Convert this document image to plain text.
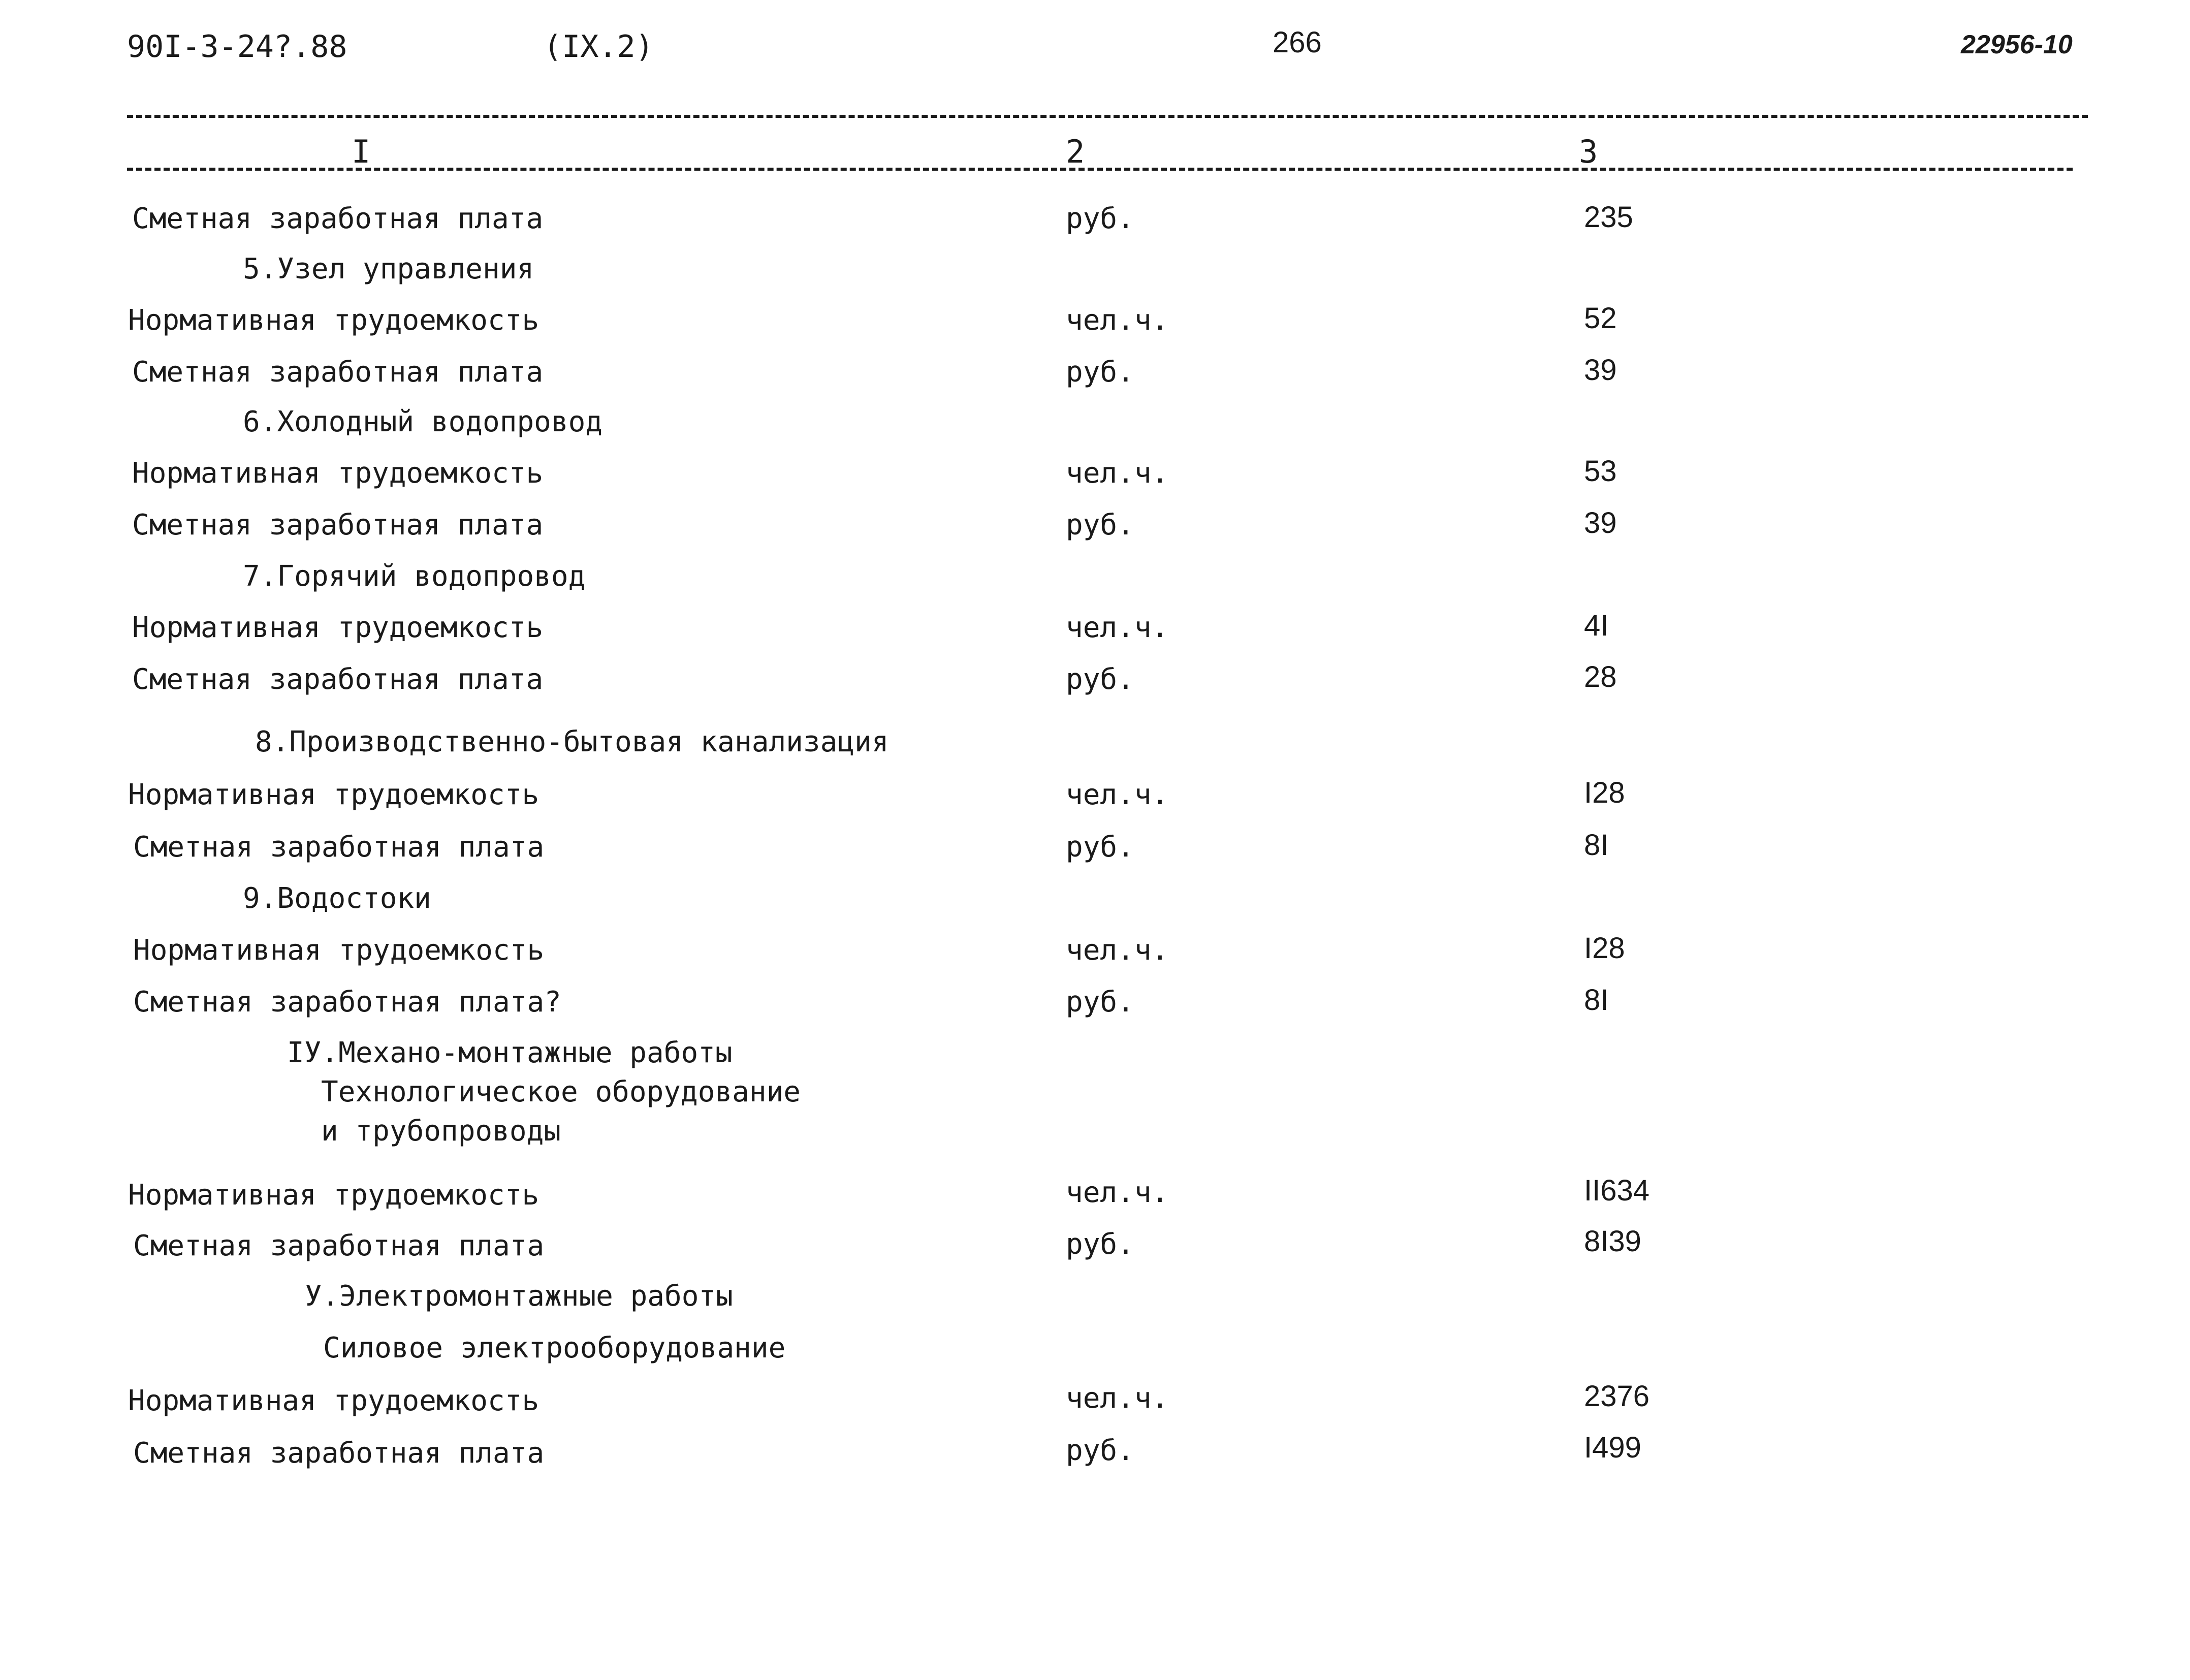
90I-3-24?.88	(IX.2)	266	22956-10
I	2	3
Сметная заработная плата	руб.	235
5.Узел управления
Нормативная трудоемкость	чел.ч.	52
Сметная заработная плата	руб.	39
6.Холодный водопровод
Нормативная трудоемкость	чел.ч.	53
Сметная заработная плата	руб.	39
7.Горячий водопровод
Нормативная трудоемкость	чел.ч.	4I
Сметная заработная плата	руб.	28
8.Производственно-бытовая канализация
Нормативная трудоемкость	чел.ч.	I28
Сметная заработная плата	руб.	8I
9.Водостоки
Нормативная трудоемкость	чел.ч.	I28
Сметная заработная плата?	руб.	8I
IУ.Механо-монтажные работы
Технологическое оборудование
и трубопроводы
Нормативная трудоемкость	чел.ч.	II634
Сметная заработная плата	руб.	8I39
У.Электромонтажные работы
Силовое электрооборудование
Нормативная трудоемкость	чел.ч.	2376
Сметная заработная плата	руб.	I499
